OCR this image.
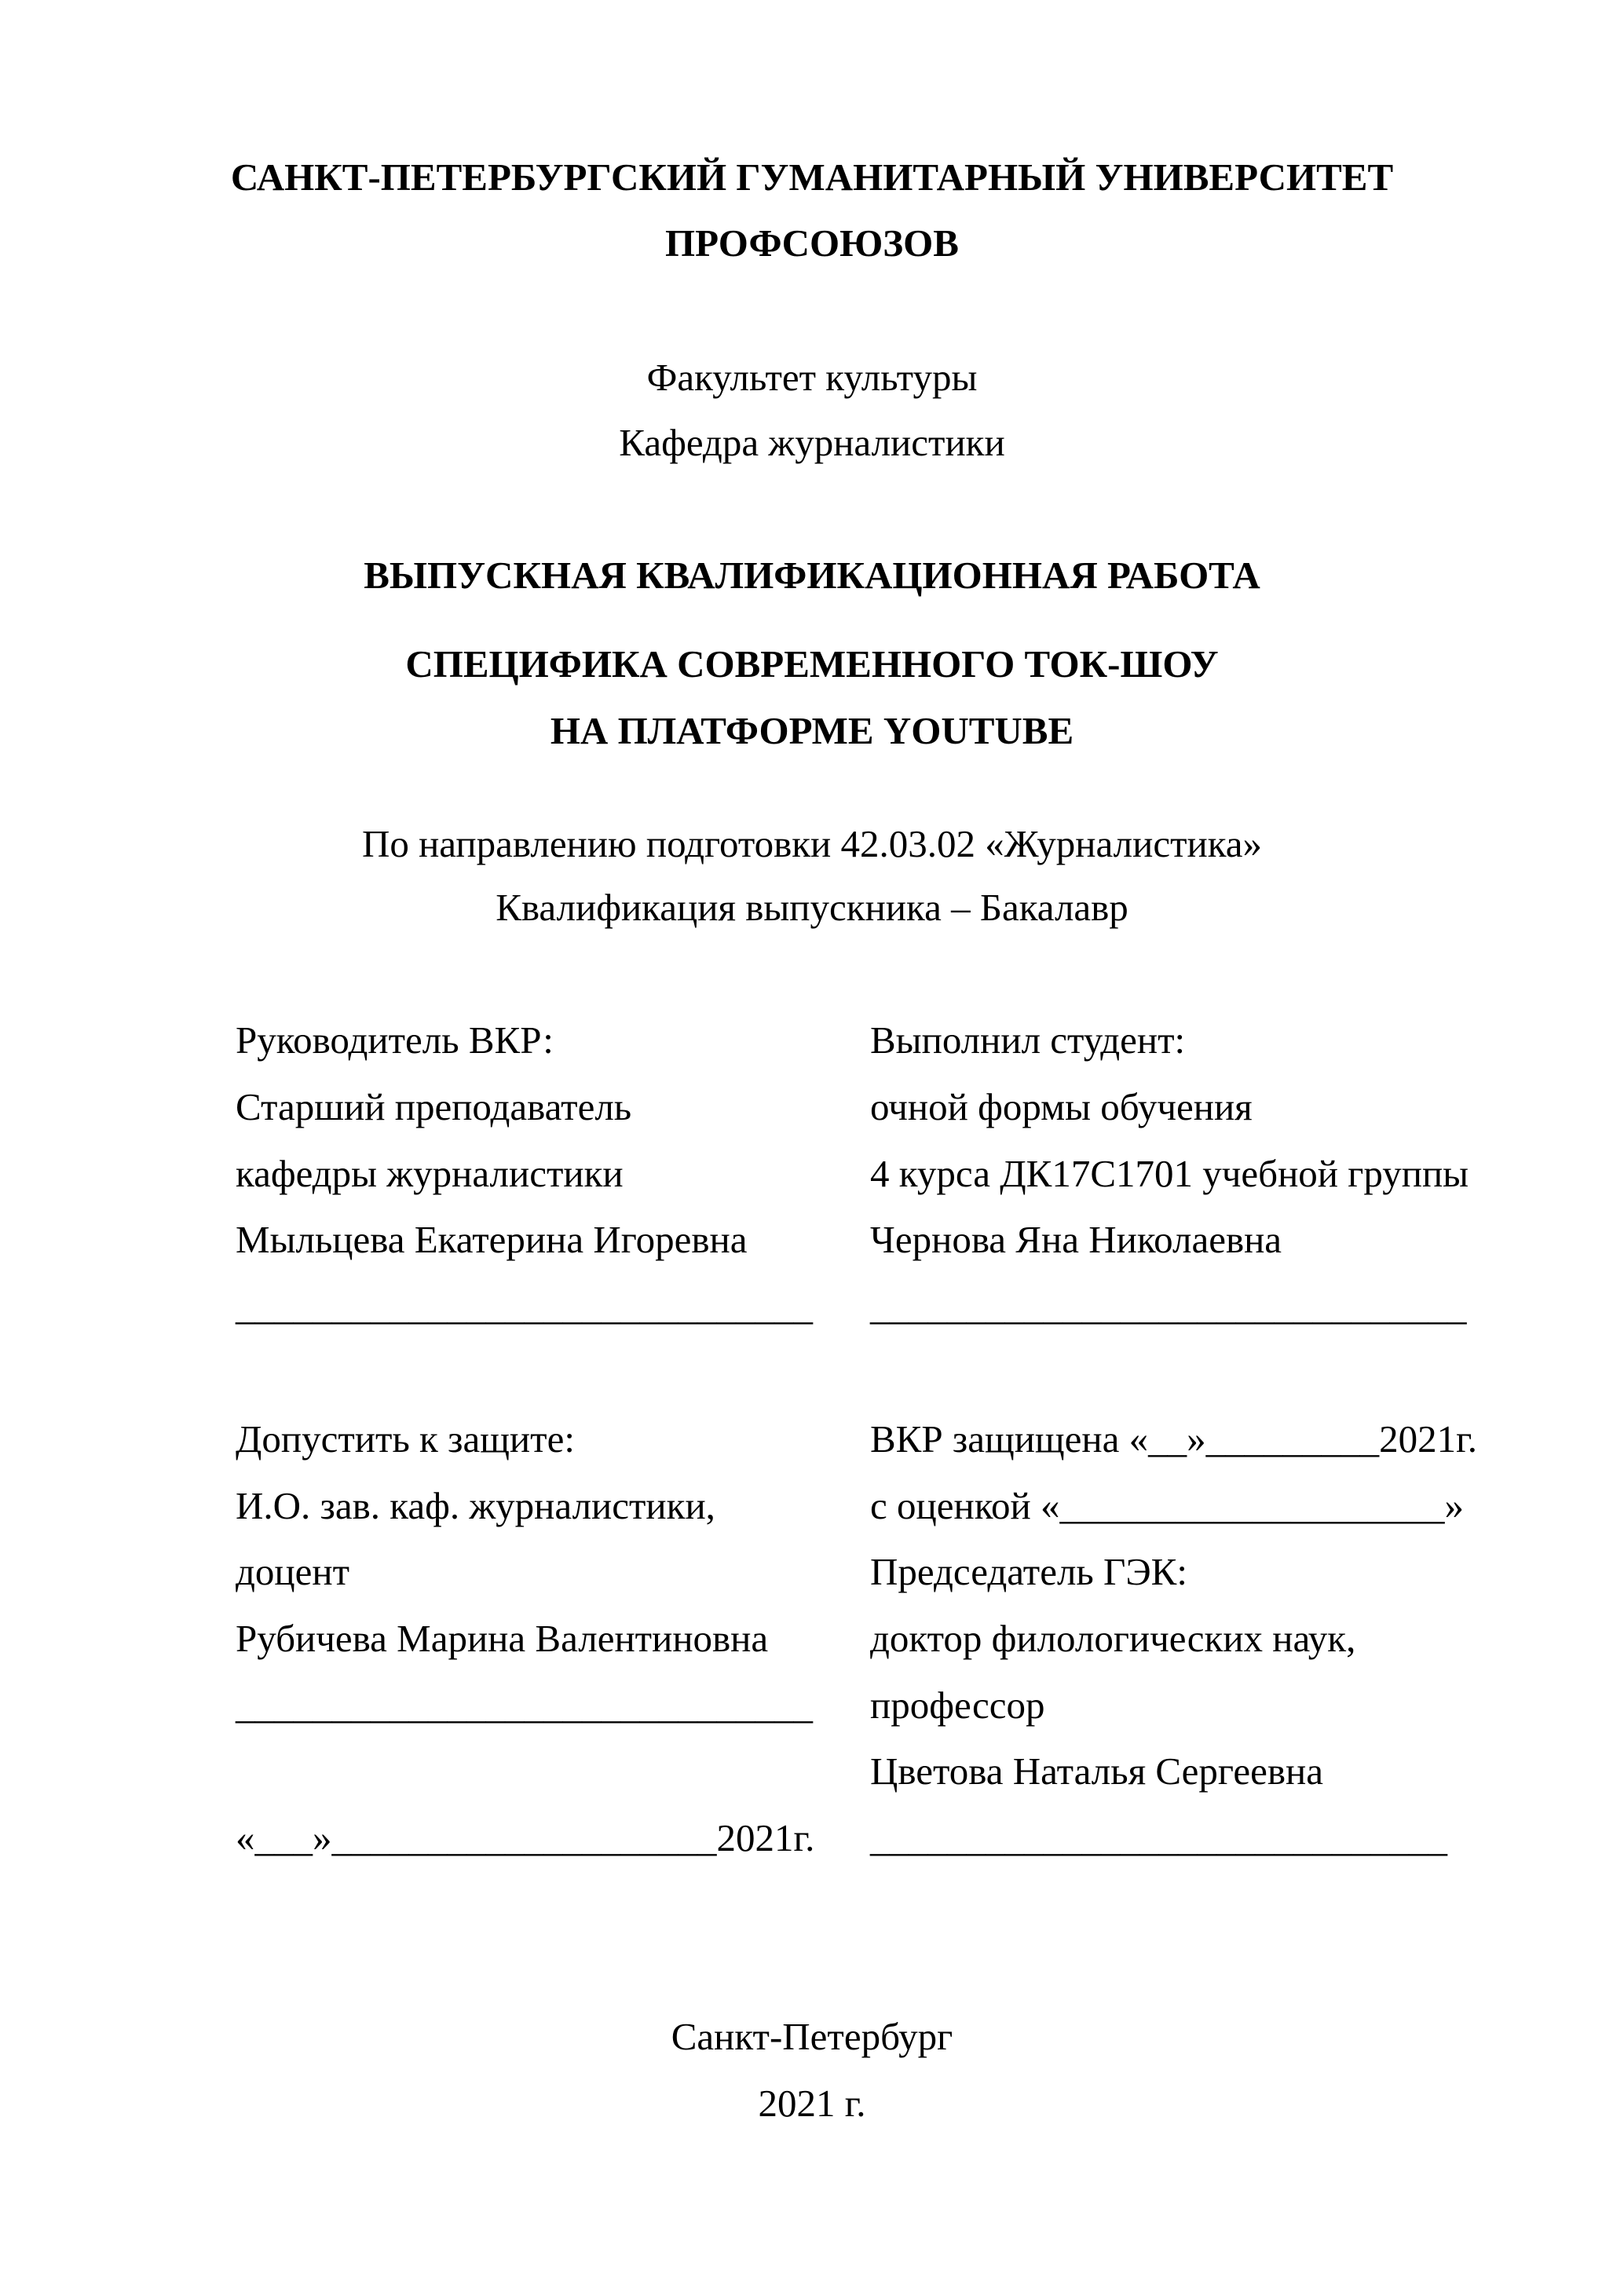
САНКТ-ПЕТЕРБУРГСКИЙ ГУМАНИТАРНЫЙ УНИВЕРСИТЕТ
ПРОФСОЮЗОВ
Факультет культуры
Кафедра журналистики
ВЫПУСКНАЯ КВАЛИФИКАЦИОННАЯ РАБОТА
СПЕЦИФИКА СОВРЕМЕННОГО ТОК-ШОУ
НА ПЛАТФОРМЕ YOUTUBE
По направлению подготовки 42.03.02 «Журналистика»
Квалификация выпускника – Бакалавр
Руководитель ВКР:
Старший преподаватель
кафедры журналистики
Мыльцева Екатерина Игоревна
______________________________
Выполнил студент:
очной формы обучения
4 курса ДК17С1701 учебной группы
Чернова Яна Николаевна
_______________________________
Допустить к защите:
И.О. зав. каф. журналистики,
доцент
Рубичева Марина Валентиновна
______________________________
«___»____________________2021г.
ВКР защищена «__»_________2021г.
с оценкой «____________________»
Председатель ГЭК:
доктор филологических наук,
профессор
Цветова Наталья Сергеевна
______________________________
Санкт-Петербург
2021 г.
